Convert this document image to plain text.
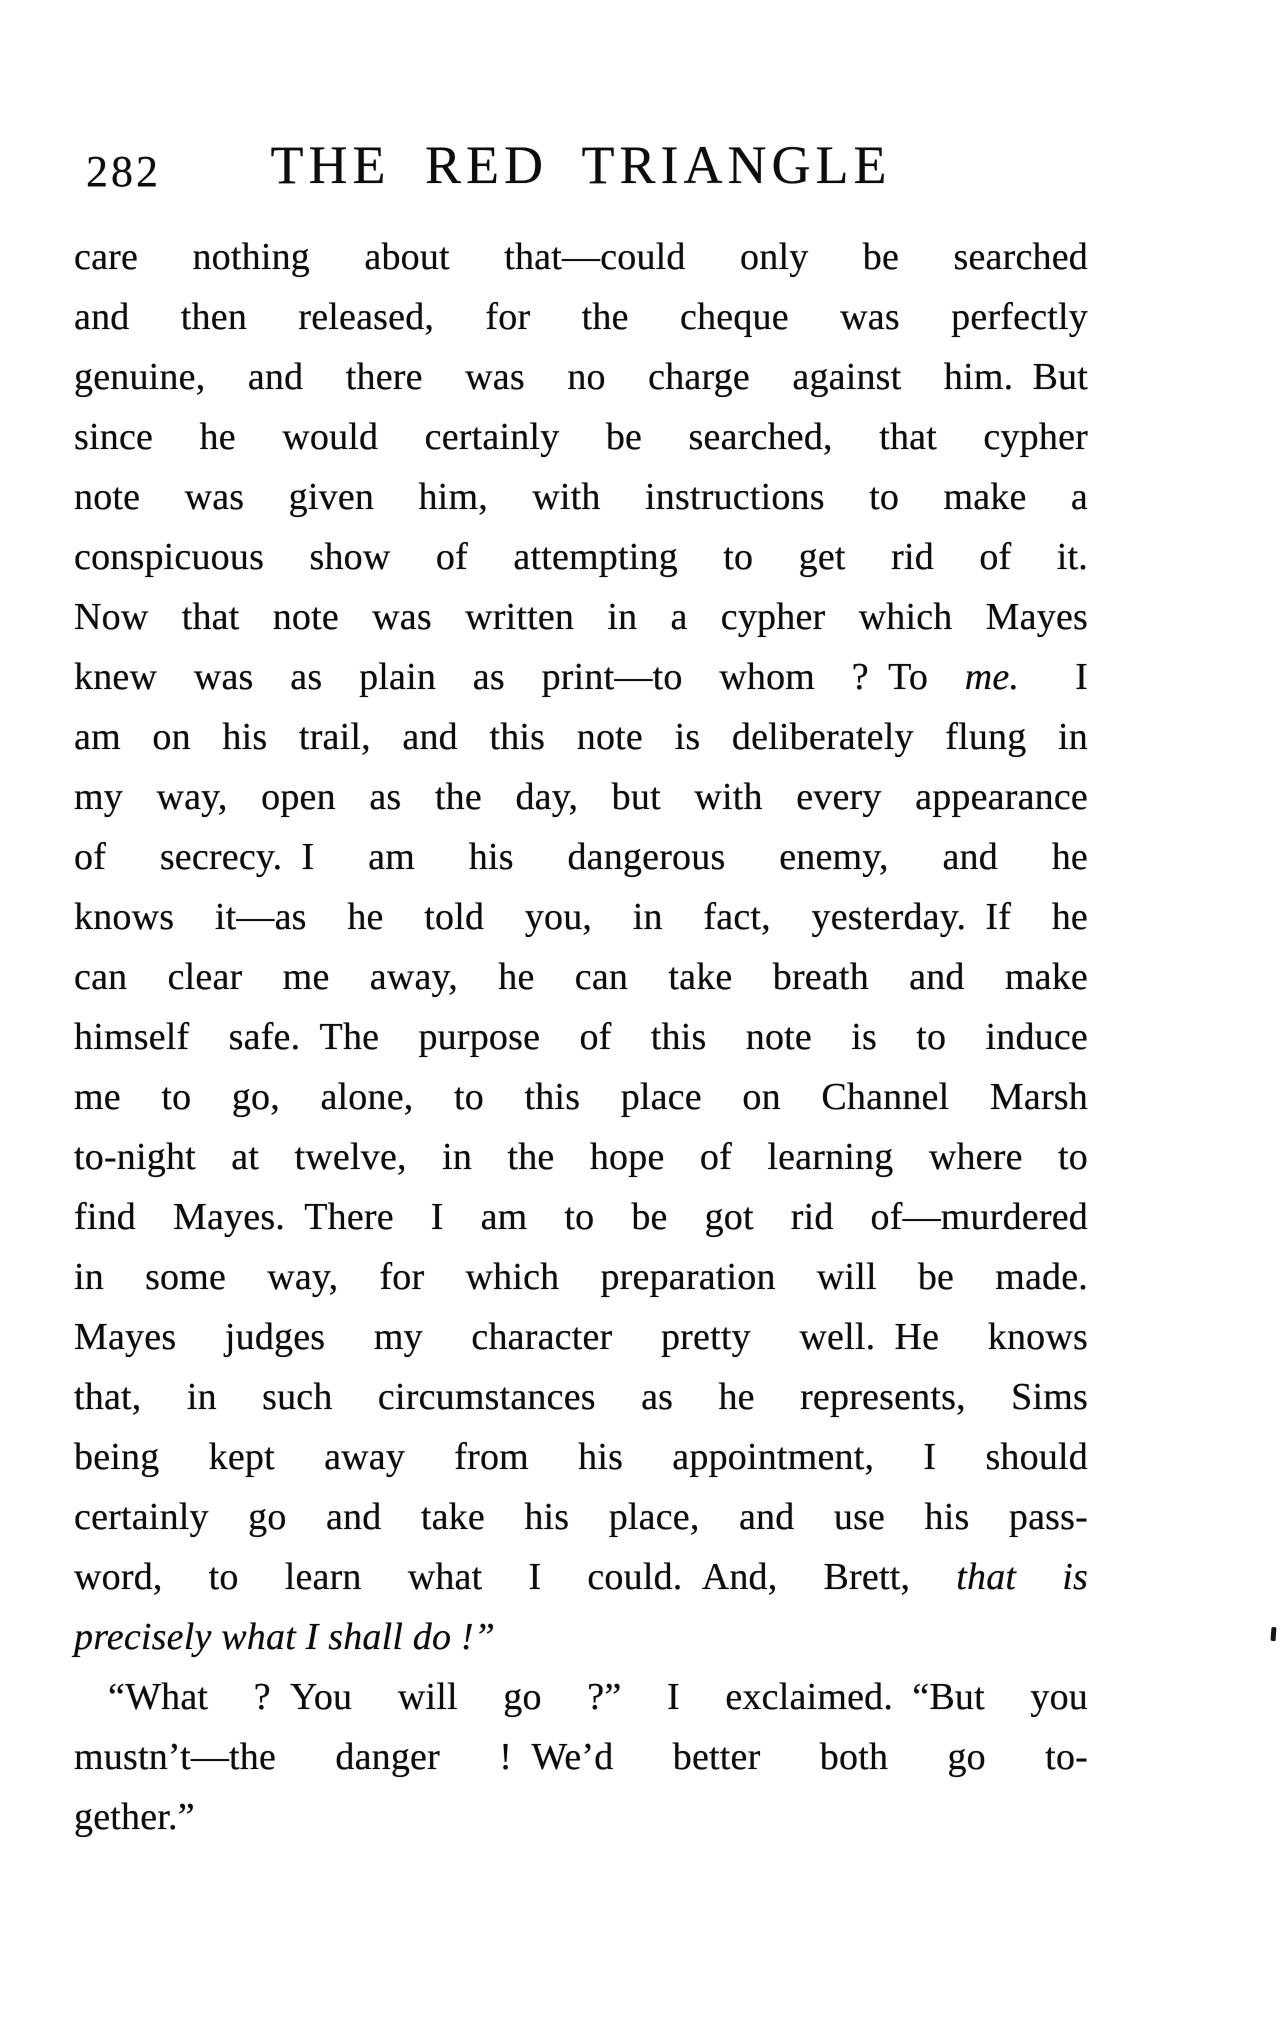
282	THE RED TRIANGLE
care nothing about that—could only be searched
and then released, for the cheque was perfectly
genuine, and there was no charge against him. But
since he would certainly be searched, that cypher
note was given him, with instructions to make a
conspicuous show of attempting to get rid of it.
Now that note was written in a cypher which Mayes
knew was as plain as print—to whom ? To me.  I
am on his trail, and this note is deliberately flung in
my way, open as the day, but with every appearance
of secrecy. I am his dangerous enemy, and he
knows it—as he told you, in fact, yesterday. If he
can clear me away, he can take breath and make
himself safe. The purpose of this note is to induce
me to go, alone, to this place on Channel Marsh
to-night at twelve, in the hope of learning where to
find Mayes. There I am to be got rid of—murdered
in some way, for which preparation will be made.
Mayes judges my character pretty well. He knows
that, in such circumstances as he represents, Sims
being kept away from his appointment, I should
certainly go and take his place, and use his pass-
word, to learn what I could. And, Brett, that is
precisely what I shall do !”
“What ? You will go ?” I exclaimed. “But you
mustn’t—the danger ! We’d better both go to-
gether.”
